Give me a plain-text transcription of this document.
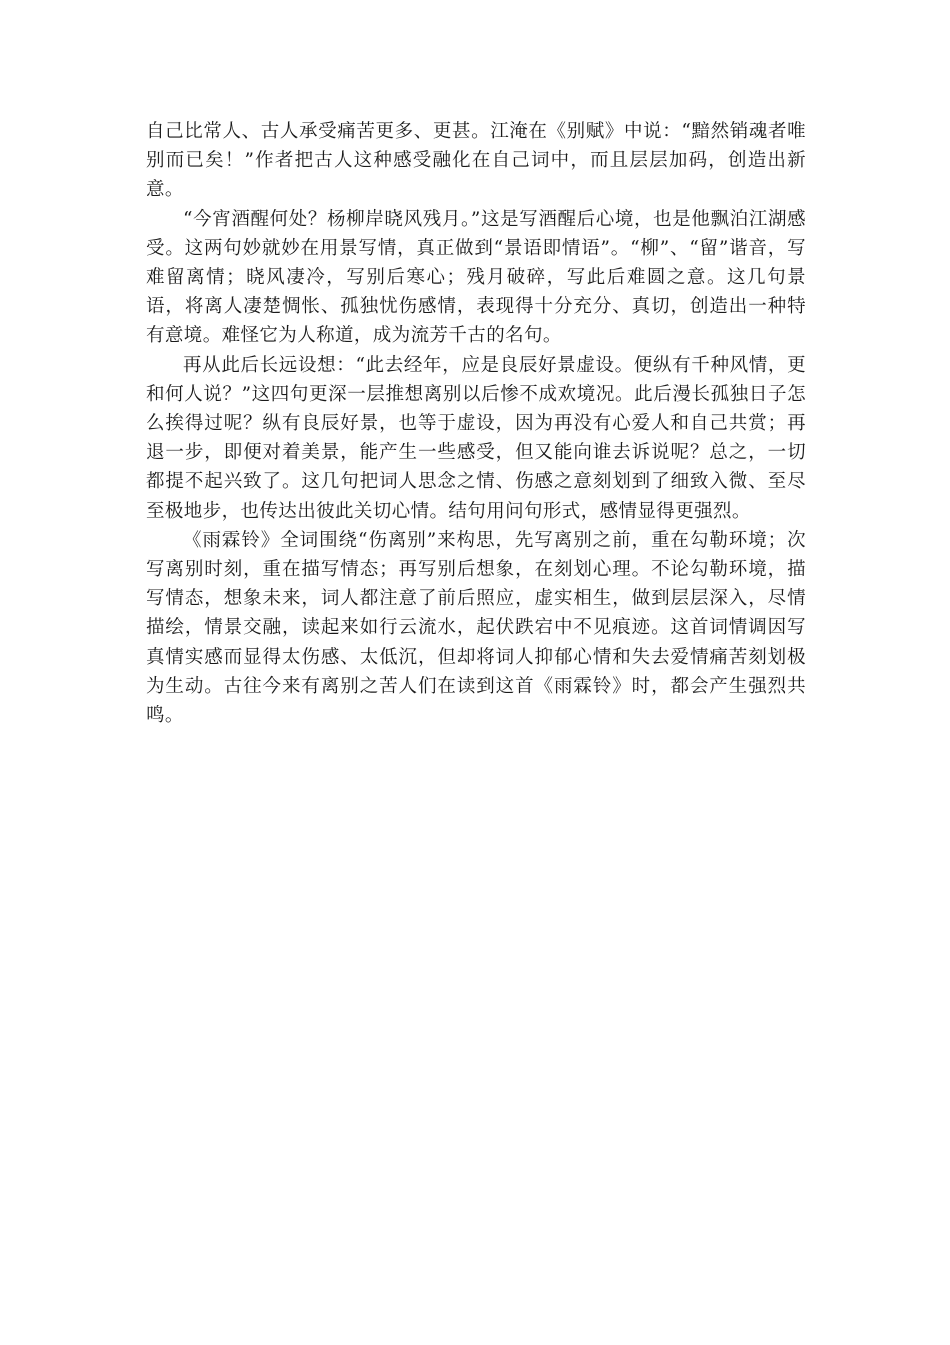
自己比常人、古人承受痛苦更多、更甚。江淹在《别赋》中说：“黯然销魂者唯别而已矣！”作者把古人这种感受融化在自己词中，而且层层加码，创造出新意。

“今宵酒醒何处？杨柳岸晓风残月。”这是写酒醒后心境，也是他飘泊江湖感受。这两句妙就妙在用景写情，真正做到“景语即情语”。“柳”、“留”谐音，写难留离情；晓风凄冷，写别后寒心；残月破碎，写此后难圆之意。这几句景语，将离人凄楚惆怅、孤独忧伤感情，表现得十分充分、真切，创造出一种特有意境。难怪它为人称道，成为流芳千古的名句。

再从此后长远设想：“此去经年，应是良辰好景虚设。便纵有千种风情，更和何人说？”这四句更深一层推想离别以后惨不成欢境况。此后漫长孤独日子怎么挨得过呢？纵有良辰好景，也等于虚设，因为再没有心爱人和自己共赏；再退一步，即便对着美景，能产生一些感受，但又能向谁去诉说呢？总之，一切都提不起兴致了。这几句把词人思念之情、伤感之意刻划到了细致入微、至尽至极地步，也传达出彼此关切心情。结句用问句形式，感情显得更强烈。

《雨霖铃》全词围绕“伤离别”来构思，先写离别之前，重在勾勒环境；次写离别时刻，重在描写情态；再写别后想象，在刻划心理。不论勾勒环境，描写情态，想象未来，词人都注意了前后照应，虚实相生，做到层层深入，尽情描绘，情景交融，读起来如行云流水，起伏跌宕中不见痕迹。这首词情调因写真情实感而显得太伤感、太低沉，但却将词人抑郁心情和失去爱情痛苦刻划极为生动。古往今来有离别之苦人们在读到这首《雨霖铃》时，都会产生强烈共鸣。
